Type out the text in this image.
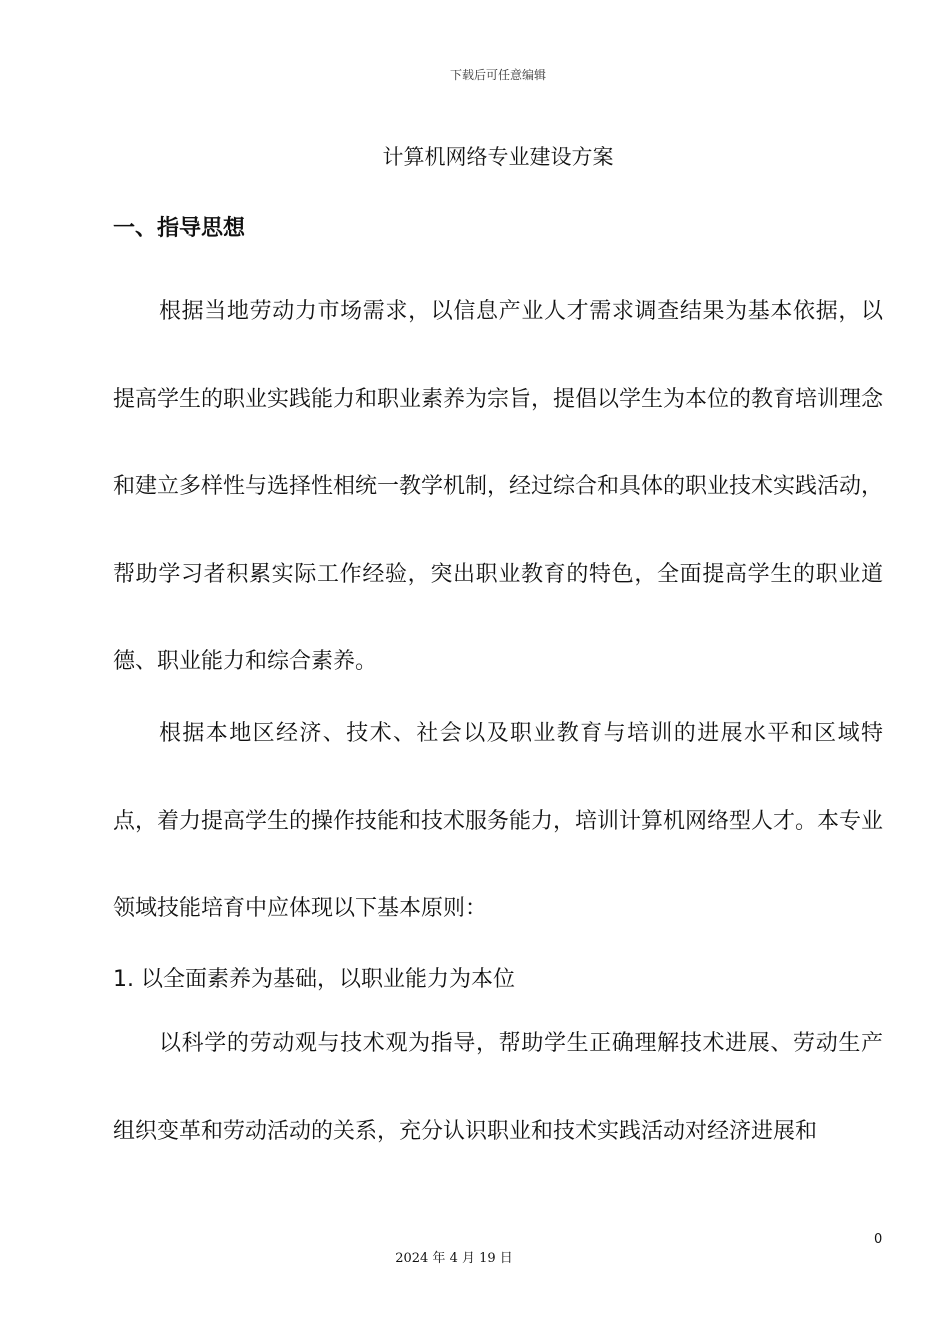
下载后可任意编辑
计算机网络专业建设方案
一、指导思想

根据当地劳动力市场需求，以信息产业人才需求调查结果为基本依据，以提高学生的职业实践能力和职业素养为宗旨，提倡以学生为本位的教育培训理念和建立多样性与选择性相统一教学机制，经过综合和具体的职业技术实践活动，帮助学习者积累实际工作经验，突出职业教育的特色，全面提高学生的职业道德、职业能力和综合素养。

根据本地区经济、技术、社会以及职业教育与培训的进展水平和区域特点，着力提高学生的操作技能和技术服务能力，培训计算机网络型人才。本专业领域技能培育中应体现以下基本原则：

1. 以全面素养为基础，以职业能力为本位

以科学的劳动观与技术观为指导，帮助学生正确理解技术进展、劳动生产组织变革和劳动活动的关系，充分认识职业和技术实践活动对经济进展和

0
2024 年 4 月 19 日
